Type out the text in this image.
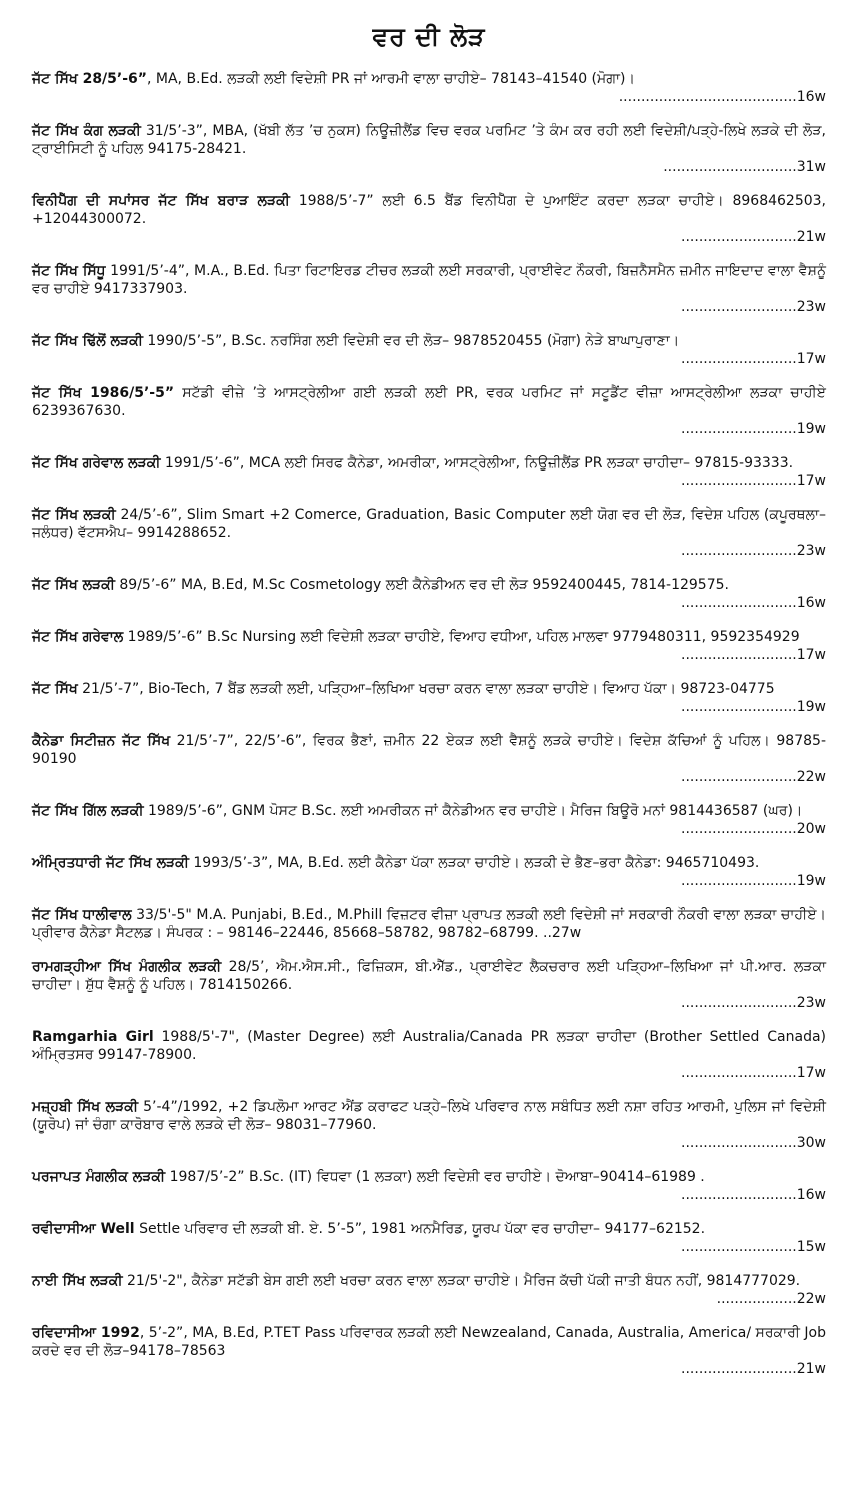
ਵਰ ਦੀ ਲੋੜ
ਜੱਟ ਸਿੱਖ 28/5’-6”, MA, B.Ed. ਲੜਕੀ ਲਈ ਵਿਦੇਸ਼ੀ PR ਜਾਂ ਆਰਮੀ ਵਾਲਾ ਚਾਹੀਏ– 78143–41540 (ਮੋਗਾ)।
........................................16w
ਜੱਟ ਸਿੱਖ ਕੰਗ ਲੜਕੀ 31/5’-3”, MBA, (ਖੱਬੀ ਲੱਤ ’ਚ ਨੁਕਸ) ਨਿਊਜ਼ੀਲੈਂਡ ਵਿਚ ਵਰਕ ਪਰਮਿਟ ’ਤੇ ਕੰਮ ਕਰ ਰਹੀ ਲਈ ਵਿਦੇਸ਼ੀ/ਪੜ੍ਹੇ-ਲਿਖੇ ਲੜਕੇ ਦੀ ਲੋੜ, ਟ੍ਰਾਈਸਿਟੀ ਨੂੰ ਪਹਿਲ 94175-28421.
..............................31w
ਵਿਨੀਪੈੱਗ ਦੀ ਸਪਾਂਸਰ ਜੱਟ ਸਿੱਖ ਬਰਾੜ ਲੜਕੀ 1988/5’-7” ਲਈ 6.5 ਬੈਂਡ ਵਿਨੀਪੈੱਗ ਦੇ ਪੁਆਇੰਟ ਕਰਦਾ ਲੜਕਾ ਚਾਹੀਏ। 8968462503, +12044300072.
..........................21w
ਜੱਟ ਸਿੱਖ ਸਿੱਧੂ 1991/5’-4”, M.A., B.Ed. ਪਿਤਾ ਰਿਟਾਇਰਡ ਟੀਚਰ ਲੜਕੀ ਲਈ ਸਰਕਾਰੀ, ਪ੍ਰਾਈਵੇਟ ਨੌਕਰੀ, ਬਿਜ਼ਨੈਸਮੈਨ ਜ਼ਮੀਨ ਜਾਇਦਾਦ ਵਾਲਾ ਵੈਸ਼ਨੂੰ ਵਰ ਚਾਹੀਏ 9417337903.
..........................23w
ਜੱਟ ਸਿੱਖ ਢਿੱਲੋਂ ਲੜਕੀ 1990/5’-5”, B.Sc. ਨਰਸਿੰਗ ਲਈ ਵਿਦੇਸ਼ੀ ਵਰ ਦੀ ਲੋੜ– 9878520455 (ਮੋਗਾ) ਨੇੜੇ ਬਾਘਾਪੁਰਾਣਾ।
..........................17w
ਜੱਟ ਸਿੱਖ 1986/5’-5” ਸਟੱਡੀ ਵੀਜ਼ੇ ’ਤੇ ਆਸਟ੍ਰੇਲੀਆ ਗਈ ਲੜਕੀ ਲਈ PR, ਵਰਕ ਪਰਮਿਟ ਜਾਂ ਸਟੂਡੈਂਟ ਵੀਜ਼ਾ ਆਸਟ੍ਰੇਲੀਆ ਲੜਕਾ ਚਾਹੀਏ 6239367630.
..........................19w
ਜੱਟ ਸਿੱਖ ਗਰੇਵਾਲ ਲੜਕੀ 1991/5’-6”, MCA ਲਈ ਸਿਰਫ ਕੈਨੇਡਾ, ਅਮਰੀਕਾ, ਆਸਟ੍ਰੇਲੀਆ, ਨਿਊਜ਼ੀਲੈਂਡ PR ਲੜਕਾ ਚਾਹੀਦਾ– 97815-93333.
..........................17w
ਜੱਟ ਸਿੱਖ ਲੜਕੀ 24/5’-6”, Slim Smart +2 Comerce, Graduation, Basic Computer ਲਈ ਯੋਗ ਵਰ ਦੀ ਲੋੜ, ਵਿਦੇਸ਼ ਪਹਿਲ (ਕਪੂਰਥਲਾ–ਜਲੰਧਰ) ਵੱਟਸਐਪ– 9914288652.
..........................23w
ਜੱਟ ਸਿੱਖ ਲੜਕੀ 89/5’-6” MA, B.Ed, M.Sc Cosmetology ਲਈ ਕੈਨੇਡੀਅਨ ਵਰ ਦੀ ਲੋੜ 9592400445, 7814-129575.
..........................16w
ਜੱਟ ਸਿੱਖ ਗਰੇਵਾਲ 1989/5’-6” B.Sc Nursing ਲਈ ਵਿਦੇਸ਼ੀ ਲੜਕਾ ਚਾਹੀਏ, ਵਿਆਹ ਵਧੀਆ, ਪਹਿਲ ਮਾਲਵਾ 9779480311, 9592354929
..........................17w
ਜੱਟ ਸਿੱਖ 21/5’-7”, Bio-Tech, 7 ਬੈਂਡ ਲੜਕੀ ਲਈ, ਪੜ੍ਹਿਆ–ਲਿਖਿਆ ਖਰਚਾ ਕਰਨ ਵਾਲਾ ਲੜਕਾ ਚਾਹੀਏ। ਵਿਆਹ ਪੱਕਾ। 98723-04775
..........................19w
ਕੈਨੇਡਾ ਸਿਟੀਜ਼ਨ ਜੱਟ ਸਿੱਖ 21/5’-7”, 22/5’-6”, ਵਿਰਕ ਭੈਣਾਂ, ਜ਼ਮੀਨ 22 ਏਕੜ ਲਈ ਵੈਸ਼ਨੂੰ ਲੜਕੇ ਚਾਹੀਏ। ਵਿਦੇਸ਼ ਕੱਚਿਆਂ ਨੂੰ ਪਹਿਲ। 98785-90190
..........................22w
ਜੱਟ ਸਿੱਖ ਗਿੱਲ ਲੜਕੀ 1989/5’-6”, GNM ਪੋਸਟ B.Sc. ਲਈ ਅਮਰੀਕਨ ਜਾਂ ਕੈਨੇਡੀਅਨ ਵਰ ਚਾਹੀਏ। ਮੈਰਿਜ ਬਿਊਰੋ ਮਨਾਂ 9814436587 (ਘਰ)।
..........................20w
ਅੰਮ੍ਰਿਤਧਾਰੀ ਜੱਟ ਸਿੱਖ ਲੜਕੀ 1993/5’-3”, MA, B.Ed. ਲਈ ਕੈਨੇਡਾ ਪੱਕਾ ਲੜਕਾ ਚਾਹੀਏ। ਲੜਕੀ ਦੇ ਭੈਣ–ਭਰਾ ਕੈਨੇਡਾ: 9465710493.
..........................19w
ਜੱਟ ਸਿੱਖ ਧਾਲੀਵਾਲ 33/5'-5" M.A. Punjabi, B.Ed., M.Phill ਵਿਜ਼ਟਰ ਵੀਜ਼ਾ ਪ੍ਰਾਪਤ ਲੜਕੀ ਲਈ ਵਿਦੇਸ਼ੀ ਜਾਂ ਸਰਕਾਰੀ ਨੌਕਰੀ ਵਾਲਾ ਲੜਕਾ ਚਾਹੀਏ। ਪ੍ਰੀਵਾਰ ਕੈਨੇਡਾ ਸੈਟਲਡ। ਸੰਪਰਕ : – 98146–22446, 85668–58782, 98782–68799. ..27w
ਰਾਮਗੜ੍ਹੀਆ ਸਿੱਖ ਮੰਗਲੀਕ ਲੜਕੀ 28/5’, ਐਮ.ਐਸ.ਸੀ., ਫਿਜ਼ਿਕਸ, ਬੀ.ਐੱਡ., ਪ੍ਰਾਈਵੇਟ ਲੈਕਚਰਾਰ ਲਈ ਪੜ੍ਹਿਆ–ਲਿਖਿਆ ਜਾਂ ਪੀ.ਆਰ. ਲੜਕਾ ਚਾਹੀਦਾ। ਸ਼ੁੱਧ ਵੈਸ਼ਨੂੰ ਨੂੰ ਪਹਿਲ। 7814150266.
..........................23w
Ramgarhia Girl 1988/5'-7", (Master Degree) ਲਈ Australia/Canada PR ਲੜਕਾ ਚਾਹੀਦਾ (Brother Settled Canada) ਅੰਮ੍ਰਿਤਸਰ 99147-78900.
..........................17w
ਮਜ਼੍ਹਬੀ ਸਿੱਖ ਲੜਕੀ 5’-4”/1992, +2 ਡਿਪਲੋਮਾ ਆਰਟ ਐਂਡ ਕਰਾਫਟ ਪੜ੍ਹੇ–ਲਿਖੇ ਪਰਿਵਾਰ ਨਾਲ ਸਬੰਧਿਤ ਲਈ ਨਸ਼ਾ ਰਹਿਤ ਆਰਮੀ, ਪੁਲਿਸ ਜਾਂ ਵਿਦੇਸ਼ੀ (ਯੂਰੋਪ) ਜਾਂ ਚੰਗਾ ਕਾਰੋਬਾਰ ਵਾਲੇ ਲੜਕੇ ਦੀ ਲੋੜ– 98031–77960.
..........................30w
ਪਰਜਾਪਤ ਮੰਗਲੀਕ ਲੜਕੀ 1987/5’-2” B.Sc. (IT) ਵਿਧਵਾ (1 ਲੜਕਾ) ਲਈ ਵਿਦੇਸ਼ੀ ਵਰ ਚਾਹੀਏ। ਦੋਆਬਾ–90414–61989 .
..........................16w
ਰਵੀਦਾਸੀਆ Well Settle ਪਰਿਵਾਰ ਦੀ ਲੜਕੀ ਬੀ. ਏ. 5’-5”, 1981 ਅਨਮੈਰਿਡ, ਯੂਰਪ ਪੱਕਾ ਵਰ ਚਾਹੀਦਾ– 94177–62152.
..........................15w
ਨਾਈ ਸਿੱਖ ਲੜਕੀ 21/5'-2", ਕੈਨੇਡਾ ਸਟੱਡੀ ਬੇਸ ਗਈ ਲਈ ਖਰਚਾ ਕਰਨ ਵਾਲਾ ਲੜਕਾ ਚਾਹੀਏ। ਮੈਰਿਜ ਕੱਚੀ ਪੱਕੀ ਜਾਤੀ ਬੰਧਨ ਨਹੀਂ, 9814777029.
..................22w
ਰਵਿਦਾਸੀਆ 1992, 5’-2”, MA, B.Ed, P.TET Pass ਪਰਿਵਾਰਕ ਲੜਕੀ ਲਈ Newzealand, Canada, Australia, America/ ਸਰਕਾਰੀ Job ਕਰਦੇ ਵਰ ਦੀ ਲੋੜ–94178–78563
..........................21w
